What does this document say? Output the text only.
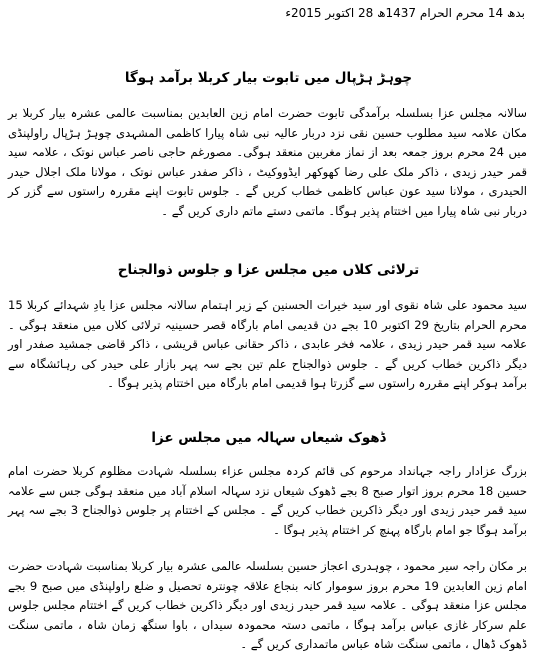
بدھ 14 محرم الحرام 1437ھ 28 اکتوبر 2015ء
چوہڑ ہڑپال میں تابوت بیار کربلا برآمد ہوگا
سالانہ مجلس عزا بسلسلہ برآمدگی تابوت حضرت امام زین العابدین بمناسبت عالمی عشرہ بیار کربلا بر مکان علامہ سید مطلوب حسین نقی نزد دربار عالیہ نبی شاہ پیارا کاظمی المشہدی چوہڑ ہڑپال راولپنڈی میں 24 محرم بروز جمعہ بعد از نماز مغربین منعقد ہوگی۔ مصورغم حاجی ناصر عباس نوتک ، علامہ سید قمر حیدر زیدی ، ذاکر ملک علی رضا کھوکھر ایڈووکیٹ ، ذاکر صفدر عباس نوتک ، مولانا ملک اجلال حیدر الحیدری ، مولانا سید عون عباس کاظمی خطاب کریں گے ۔ جلوس تابوت اپنے مقررہ راستوں سے گزر کر دربار نبی شاہ پیارا میں اختتام پذیر ہوگا۔ ماتمی دستے ماتم داری کریں گے ۔
ترلائی کلاں میں مجلس عزا و جلوس ذوالجناح
سید محمود علی شاہ نقوی اور سید خیرات الحسنین کے زیر اہتمام سالانہ مجلس عزا یادِ شہدائے کربلا 15 محرم الحرام بتاریخ 29 اکتوبر 10 بجے دن قدیمی امام بارگاہ قصر حسینیہ ترلائی کلاں میں منعقد ہوگی ۔ علامہ سید قمر حیدر زیدی ، علامہ فخر عابدی ، ذاکر حقانی عباس قریشی ، ذاکر قاضی جمشید صفدر اور دیگر ذاکرین خطاب کریں گے ۔ جلوس ذوالجناح علم تین بجے سہ پہر بازار علی حیدر کی رہائشگاہ سے برآمد ہوکر اپنے مقررہ راستوں سے گزرتا ہوا قدیمی امام بارگاہ میں اختتام پذیر ہوگا ۔
ڈھوک شیعاں سہالہ میں مجلس عزا
بزرگ عزادار راجہ جہانداد مرحوم کی قائم کردہ مجلس عزاء بسلسلہ شہادت مظلوم کربلا حضرت امام حسین 18 محرم بروز اتوار صبح 8 بجے ڈھوک شیعاں نزد سہالہ اسلام آباد میں منعقد ہوگی جس سے علامہ سید قمر حیدر زیدی اور دیگر ذاکرین خطاب کریں گے ۔ مجلس کے اختتام پر جلوس ذوالجناح 3 بجے سہ پہر برآمد ہوگا جو امام بارگاہ پہنچ کر اختتام پذیر ہوگا ۔
بر مکان راجہ سیر محمود ، چوہدری اعجاز حسین بسلسلہ عالمی عشرہ بیار کربلا بمناسبت شہادت حضرت امام زین العابدین 19 محرم بروز سوموار کانہ بنجاع علاقہ چونترہ تحصیل و ضلع راولپنڈی میں صبح 9 بجے مجلس عزا منعقد ہوگی ۔ علامہ سید قمر حیدر زیدی اور دیگر ذاکرین خطاب کریں گے اختتام مجلس جلوس علم سرکار غازی عباس برآمد ہوگا ، ماتمی دستہ محمودہ سیداں ، باوا سنگھ زمان شاہ ، ماتمی سنگت ڈھوک ڈھال ، ماتمی سنگت شاہ عباس ماتمداری کریں گے ۔
